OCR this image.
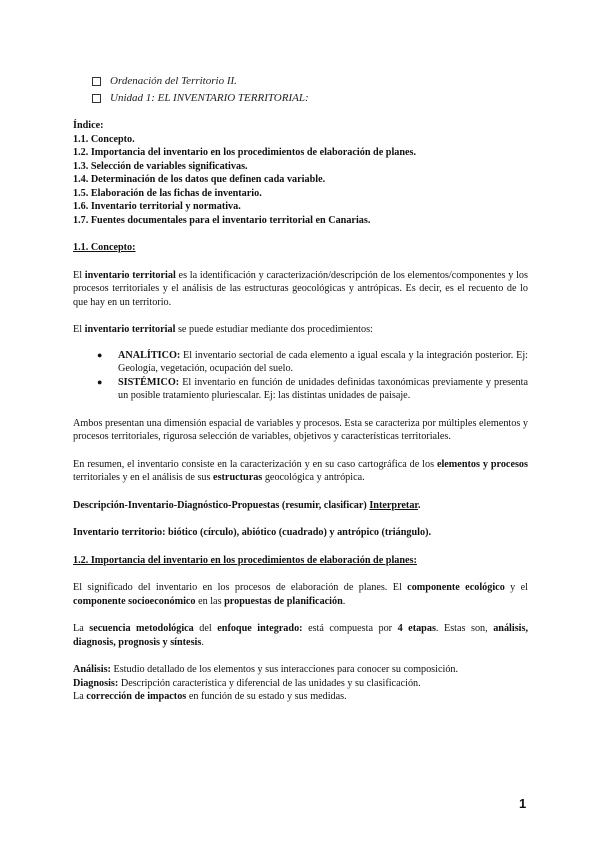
Ordenación del Territorio II.
Unidad 1: EL INVENTARIO TERRITORIAL:

Índice:

1.1. Concepto.

1.2. Importancia del inventario en los procedimientos de elaboración de planes.

1.3. Selección de variables significativas.

1.4. Determinación de los datos que definen cada variable.

1.5. Elaboración de las fichas de inventario.

1.6. Inventario territorial y normativa.

1.7. Fuentes documentales para el inventario territorial en Canarias.

1.1. Concepto:

El inventario territorial es la identificación y caracterización/descripción de los elementos/componentes y los procesos territoriales y el análisis de las estructuras geocológicas y antrópicas. Es decir, es el recuento de lo que hay en un territorio.

El inventario territorial se puede estudiar mediante dos procedimientos:

● ANALÍTICO: El inventario sectorial de cada elemento a igual escala y la integración posterior. Ej: Geología, vegetación, ocupación del suelo.
● SISTÉMICO: El inventario en función de unidades definidas taxonómicas previamente y presenta un posible tratamiento pluriescalar. Ej: las distintas unidades de paisaje.

Ambos presentan una dimensión espacial de variables y procesos. Esta se caracteriza por múltiples elementos y procesos territoriales, rigurosa selección de variables, objetivos y características territoriales.

En resumen, el inventario consiste en la caracterización y en su caso cartográfica de los elementos y procesos territoriales y en el análisis de sus estructuras geocológica y antrópica.

Descripción-Inventario-Diagnóstico-Propuestas (resumir, clasificar) Interpretar.

Inventario territorio: biótico (círculo), abiótico (cuadrado) y antrópico (triángulo).

1.2. Importancia del inventario en los procedimientos de elaboración de planes:

El significado del inventario en los procesos de elaboración de planes. El componente ecológico y el componente socioeconómico en las propuestas de planificación.

La secuencia metodológica del enfoque integrado: está compuesta por 4 etapas. Estas son, análisis, diagnosis, prognosis y síntesis.

Análisis: Estudio detallado de los elementos y sus interacciones para conocer su composición.

Diagnosis: Descripción característica y diferencial de las unidades y su clasificación.

La corrección de impactos en función de su estado y sus medidas.

1
